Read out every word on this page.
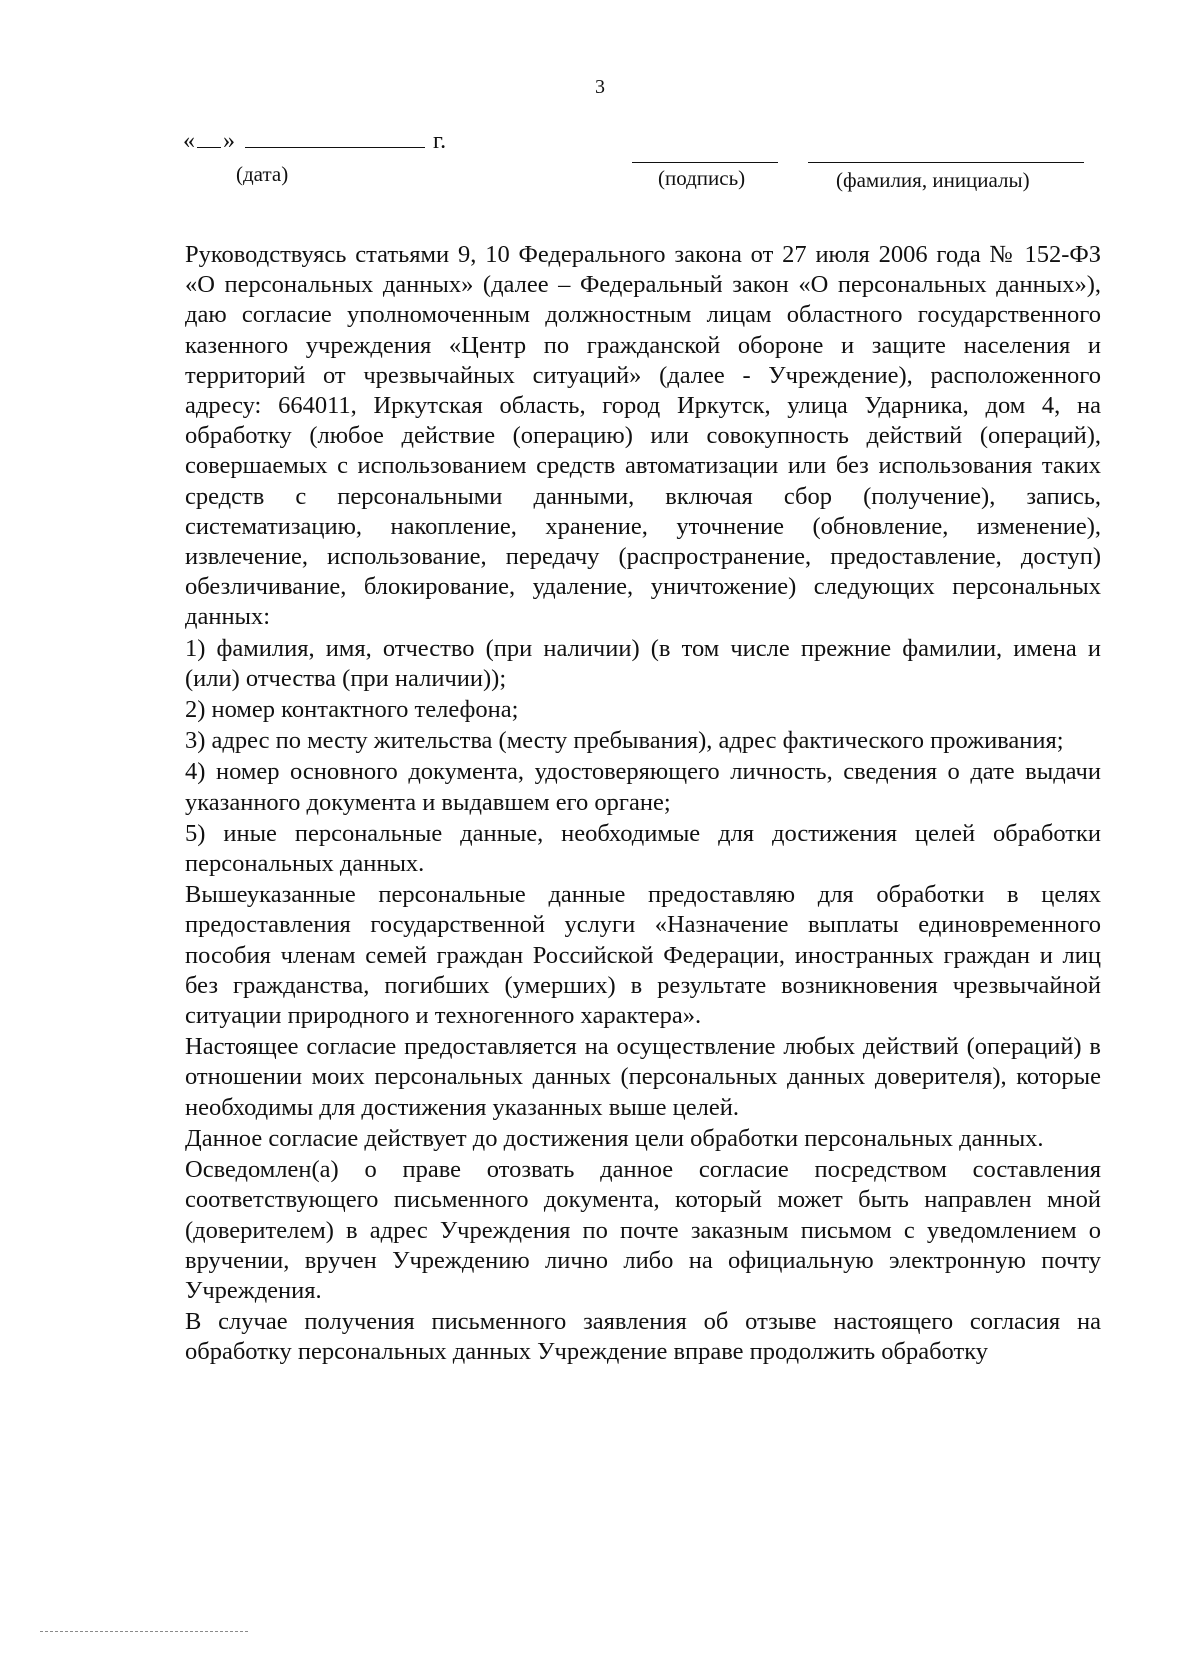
3
« »	г.
(дата)	(подпись)	(фамилия, инициалы)

Руководствуясь статьями 9, 10 Федерального закона от 27 июля 2006 года № 152-ФЗ «О персональных данных» (далее – Федеральный закон «О персональных данных»), даю согласие уполномоченным должностным лицам областного государственного казенного учреждения «Центр по гражданской обороне и защите населения и территорий от чрезвычайных ситуаций» (далее - Учреждение), расположенного адресу: 664011, Иркутская область, город Иркутск, улица Ударника, дом 4, на обработку (любое действие (операцию) или совокупность действий (операций), совершаемых с использованием средств автоматизации или без использования таких средств с персональными данными, включая сбор (получение), запись, систематизацию, накопление, хранение, уточнение (обновление, изменение), извлечение, использование, передачу (распространение, предоставление, доступ) обезличивание, блокирование, удаление, уничтожение) следующих персональных данных:

1) фамилия, имя, отчество (при наличии) (в том числе прежние фамилии, имена и (или) отчества (при наличии));

2) номер контактного телефона;

3) адрес по месту жительства (месту пребывания), адрес фактического проживания;

4) номер основного документа, удостоверяющего личность, сведения о дате выдачи указанного документа и выдавшем его органе;

5) иные персональные данные, необходимые для достижения целей обработки персональных данных.

Вышеуказанные персональные данные предоставляю для обработки в целях предоставления государственной услуги «Назначение выплаты единовременного пособия членам семей граждан Российской Федерации, иностранных граждан и лиц без гражданства, погибших (умерших) в результате возникновения чрезвычайной ситуации природного и техногенного характера».

Настоящее согласие предоставляется на осуществление любых действий (операций) в отношении моих персональных данных (персональных данных доверителя), которые необходимы для достижения указанных выше целей.

Данное согласие действует до достижения цели обработки персональных данных.

Осведомлен(а) о праве отозвать данное согласие посредством составления соответствующего письменного документа, который может быть направлен мной (доверителем) в адрес Учреждения по почте заказным письмом с уведомлением о вручении, вручен Учреждению лично либо на официальную электронную почту Учреждения.

В случае получения письменного заявления об отзыве настоящего согласия на обработку персональных данных Учреждение вправе продолжить обработку
